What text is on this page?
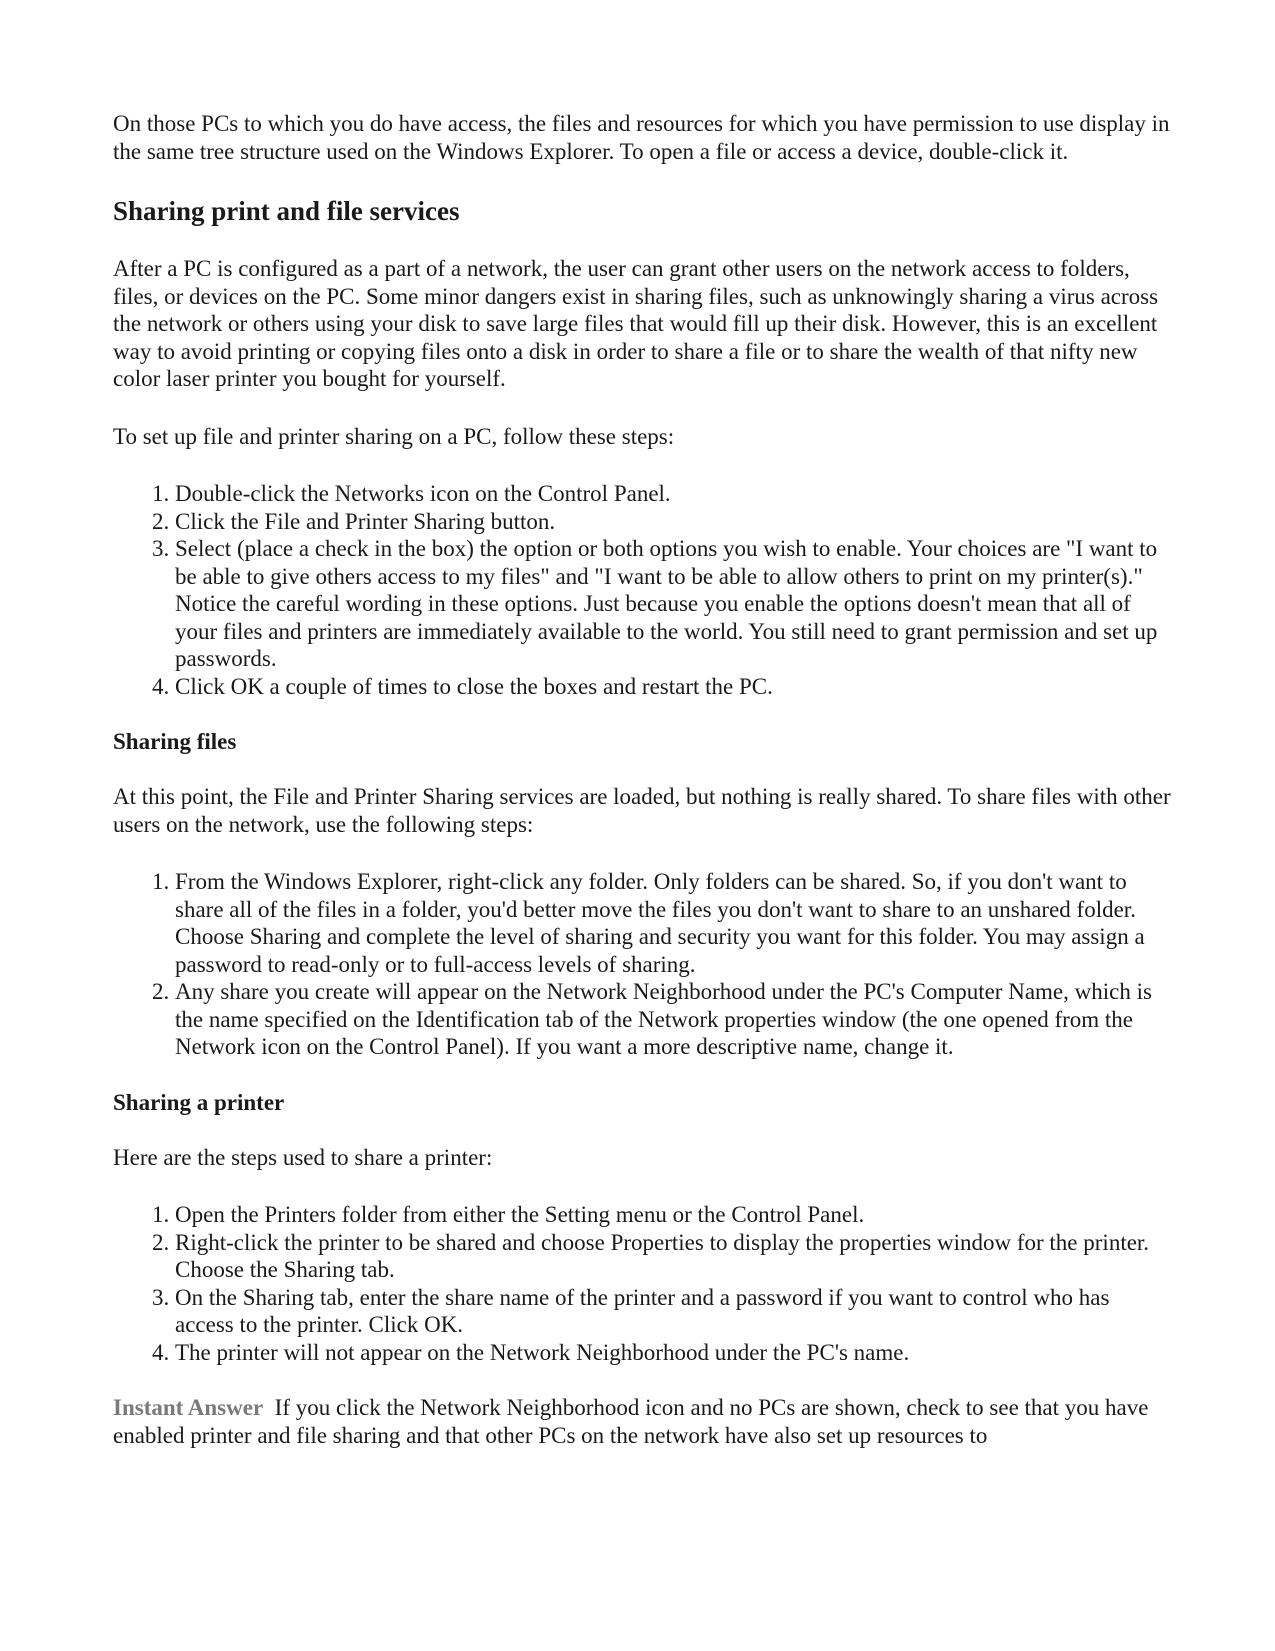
On those PCs to which you do have access, the files and resources for which you have permission to use display in the same tree structure used on the Windows Explorer. To open a file or access a device, double-click it.

Sharing print and file services

After a PC is configured as a part of a network, the user can grant other users on the network access to folders, files, or devices on the PC. Some minor dangers exist in sharing files, such as unknowingly sharing a virus across the network or others using your disk to save large files that would fill up their disk. However, this is an excellent way to avoid printing or copying files onto a disk in order to share a file or to share the wealth of that nifty new color laser printer you bought for yourself.

To set up file and printer sharing on a PC, follow these steps:

1. Double-click the Networks icon on the Control Panel.
2. Click the File and Printer Sharing button.
3. Select (place a check in the box) the option or both options you wish to enable. Your choices are "I want to be able to give others access to my files" and "I want to be able to allow others to print on my printer(s)." Notice the careful wording in these options. Just because you enable the options doesn't mean that all of your files and printers are immediately available to the world. You still need to grant permission and set up passwords.
4. Click OK a couple of times to close the boxes and restart the PC.
Sharing files

At this point, the File and Printer Sharing services are loaded, but nothing is really shared. To share files with other users on the network, use the following steps:

1. From the Windows Explorer, right-click any folder. Only folders can be shared. So, if you don't want to share all of the files in a folder, you'd better move the files you don't want to share to an unshared folder. Choose Sharing and complete the level of sharing and security you want for this folder. You may assign a password to read-only or to full-access levels of sharing.
2. Any share you create will appear on the Network Neighborhood under the PC's Computer Name, which is the name specified on the Identification tab of the Network properties window (the one opened from the Network icon on the Control Panel). If you want a more descriptive name, change it.
Sharing a printer

Here are the steps used to share a printer:

1. Open the Printers folder from either the Setting menu or the Control Panel.
2. Right-click the printer to be shared and choose Properties to display the properties window for the printer. Choose the Sharing tab.
3. On the Sharing tab, enter the share name of the printer and a password if you want to control who has access to the printer. Click OK.
4. The printer will not appear on the Network Neighborhood under the PC's name.

Instant Answer If you click the Network Neighborhood icon and no PCs are shown, check to see that you have enabled printer and file sharing and that other PCs on the network have also set up resources to
